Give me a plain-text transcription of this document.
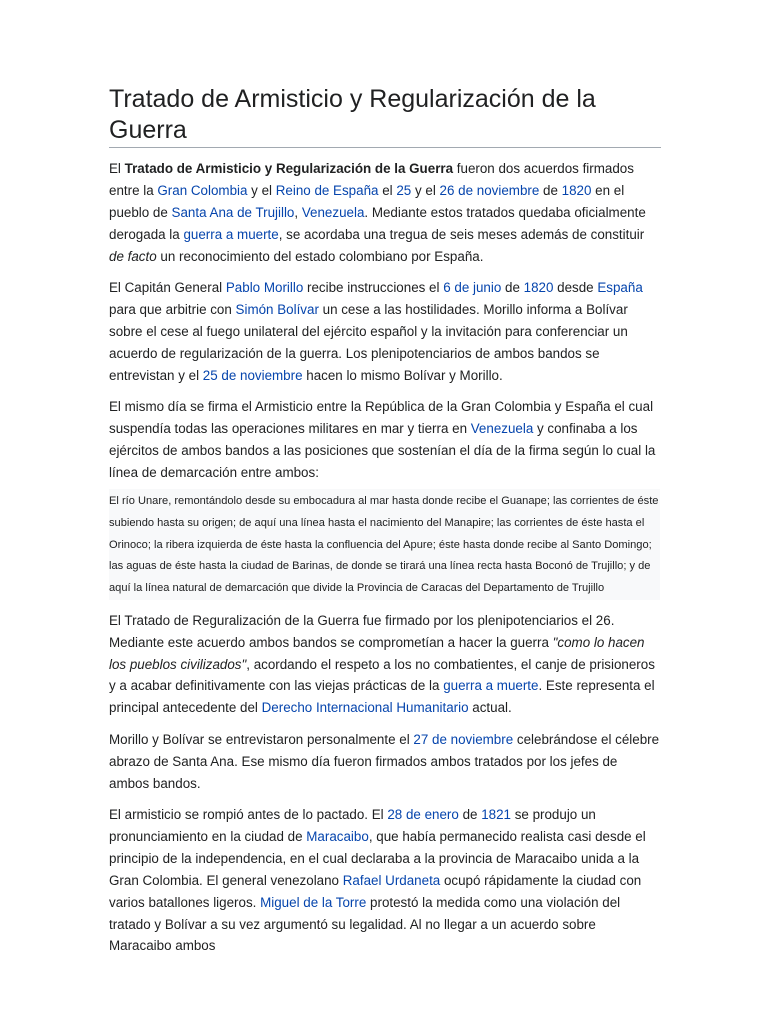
Tratado de Armisticio y Regularización de la Guerra

El Tratado de Armisticio y Regularización de la Guerra fueron dos acuerdos firmados entre la Gran Colombia y el Reino de España el 25 y el 26 de noviembre de 1820 en el pueblo de Santa Ana de Trujillo, Venezuela. Mediante estos tratados quedaba oficialmente derogada la guerra a muerte, se acordaba una tregua de seis meses además de constituir de facto un reconocimiento del estado colombiano por España.

El Capitán General Pablo Morillo recibe instrucciones el 6 de junio de 1820 desde España para que arbitrie con Simón Bolívar un cese a las hostilidades. Morillo informa a Bolívar sobre el cese al fuego unilateral del ejército español y la invitación para conferenciar un acuerdo de regularización de la guerra. Los plenipotenciarios de ambos bandos se entrevistan y el 25 de noviembre hacen lo mismo Bolívar y Morillo.

El mismo día se firma el Armisticio entre la República de la Gran Colombia y España el cual suspendía todas las operaciones militares en mar y tierra en Venezuela y confinaba a los ejércitos de ambos bandos a las posiciones que sostenían el día de la firma según lo cual la línea de demarcación entre ambos:

El río Unare, remontándolo desde su embocadura al mar hasta donde recibe el Guanape; las corrientes de éste subiendo hasta su origen; de aquí una línea hasta el nacimiento del Manapire; las corrientes de éste hasta el Orinoco; la ribera izquierda de éste hasta la confluencia del Apure; éste hasta donde recibe al Santo Domingo; las aguas de éste hasta la ciudad de Barinas, de donde se tirará una línea recta hasta Boconó de Trujillo; y de aquí la línea natural de demarcación que divide la Provincia de Caracas del Departamento de Trujillo

El Tratado de Reguralización de la Guerra fue firmado por los plenipotenciarios el 26. Mediante este acuerdo ambos bandos se comprometían a hacer la guerra "como lo hacen los pueblos civilizados", acordando el respeto a los no combatientes, el canje de prisioneros y a acabar definitivamente con las viejas prácticas de la guerra a muerte. Este representa el principal antecedente del Derecho Internacional Humanitario actual.

Morillo y Bolívar se entrevistaron personalmente el 27 de noviembre celebrándose el célebre abrazo de Santa Ana. Ese mismo día fueron firmados ambos tratados por los jefes de ambos bandos.

El armisticio se rompió antes de lo pactado. El 28 de enero de 1821 se produjo un pronunciamiento en la ciudad de Maracaibo, que había permanecido realista casi desde el principio de la independencia, en el cual declaraba a la provincia de Maracaibo unida a la Gran Colombia. El general venezolano Rafael Urdaneta ocupó rápidamente la ciudad con varios batallones ligeros. Miguel de la Torre protestó la medida como una violación del tratado y Bolívar a su vez argumentó su legalidad. Al no llegar a un acuerdo sobre Maracaibo ambos
